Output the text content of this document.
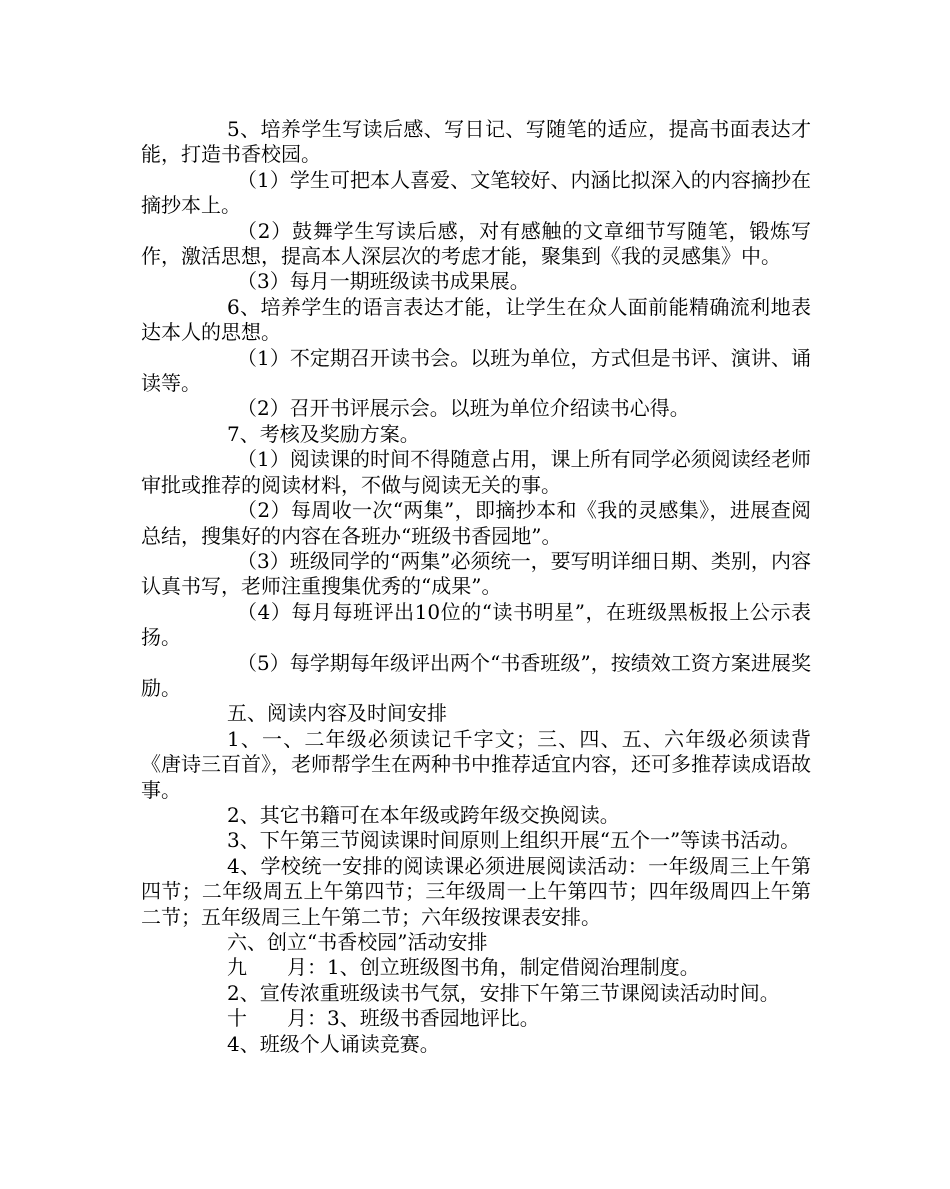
5、培养学生写读后感、写日记、写随笔的适应，提高书面表达才能，打造书香校园。

（1）学生可把本人喜爱、文笔较好、内涵比拟深入的内容摘抄在摘抄本上。

（2）鼓舞学生写读后感，对有感触的文章细节写随笔，锻炼写作，激活思想，提高本人深层次的考虑才能，聚集到《我的灵感集》中。

（3）每月一期班级读书成果展。

6、培养学生的语言表达才能，让学生在众人面前能精确流利地表达本人的思想。

（1）不定期召开读书会。以班为单位，方式但是书评、演讲、诵读等。

（2）召开书评展示会。以班为单位介绍读书心得。

7、考核及奖励方案。

（1）阅读课的时间不得随意占用，课上所有同学必须阅读经老师审批或推荐的阅读材料，不做与阅读无关的事。

（2）每周收一次“两集”，即摘抄本和《我的灵感集》，进展查阅总结，搜集好的内容在各班办“班级书香园地”。

（3）班级同学的“两集”必须统一，要写明详细日期、类别，内容认真书写，老师注重搜集优秀的“成果”。

（4）每月每班评出10位的“读书明星”，在班级黑板报上公示表扬。

（5）每学期每年级评出两个“书香班级”，按绩效工资方案进展奖励。

五、阅读内容及时间安排

1、一、二年级必须读记千字文；三、四、五、六年级必须读背《唐诗三百首》，老师帮学生在两种书中推荐适宜内容，还可多推荐读成语故事。

2、其它书籍可在本年级或跨年级交换阅读。

3、下午第三节阅读课时间原则上组织开展“五个一”等读书活动。

4、学校统一安排的阅读课必须进展阅读活动：一年级周三上午第四节；二年级周五上午第四节；三年级周一上午第四节；四年级周四上午第二节；五年级周三上午第二节；六年级按课表安排。

六、创立“书香校园”活动安排

九　　月：1、创立班级图书角，制定借阅治理制度。

2、宣传浓重班级读书气氛，安排下午第三节课阅读活动时间。

十　　月：3、班级书香园地评比。

4、班级个人诵读竞赛。
